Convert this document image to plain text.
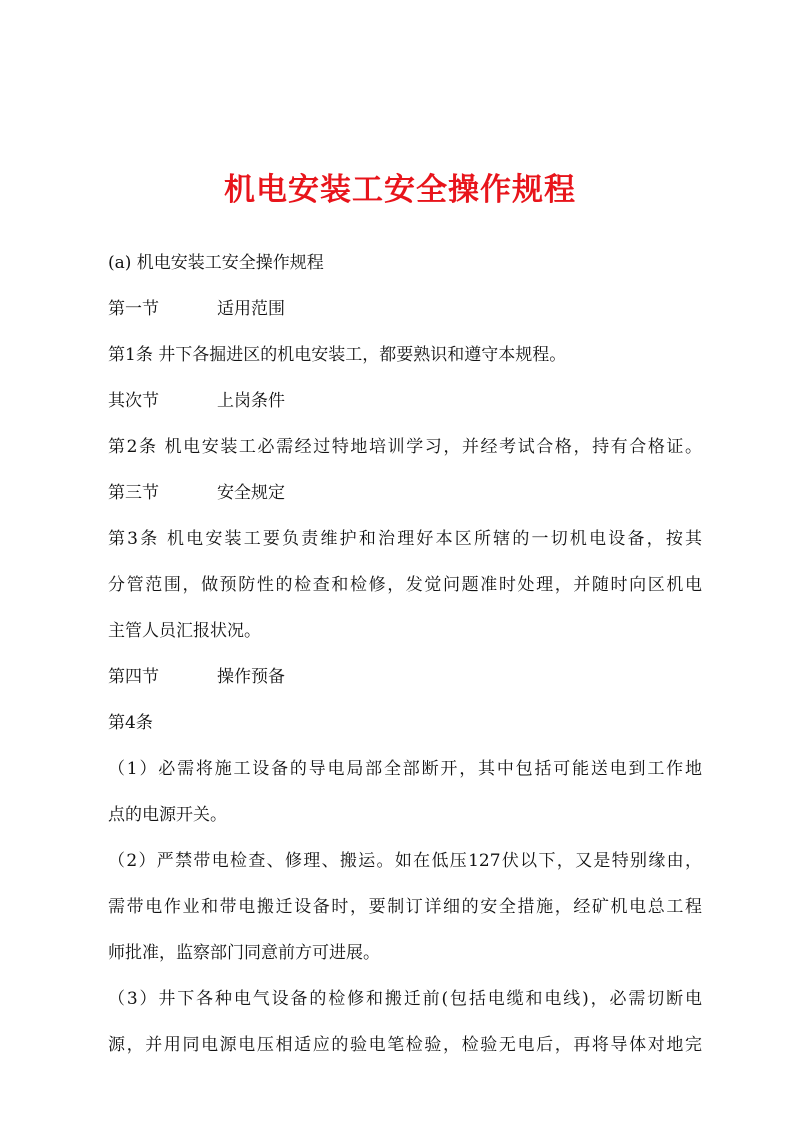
机电安装工安全操作规程
(a) 机电安装工安全操作规程
第一节	适用范围
第1条 井下各掘进区的机电安装工，都要熟识和遵守本规程。
其次节	上岗条件
第2条 机电安装工必需经过特地培训学习，并经考试合格，持有合格证。
第三节	安全规定
第3条 机电安装工要负责维护和治理好本区所辖的一切机电设备，按其
分管范围，做预防性的检查和检修，发觉问题准时处理，并随时向区机电
主管人员汇报状况。
第四节	操作预备
第4条
（1）必需将施工设备的导电局部全部断开，其中包括可能送电到工作地
点的电源开关。
（2）严禁带电检查、修理、搬运。如在低压127伏以下，又是特别缘由，
需带电作业和带电搬迁设备时，要制订详细的安全措施，经矿机电总工程
师批准，监察部门同意前方可进展。
（3）井下各种电气设备的检修和搬迁前(包括电缆和电线)，必需切断电
源，并用同电源电压相适应的验电笔检验，检验无电后，再将导体对地完
